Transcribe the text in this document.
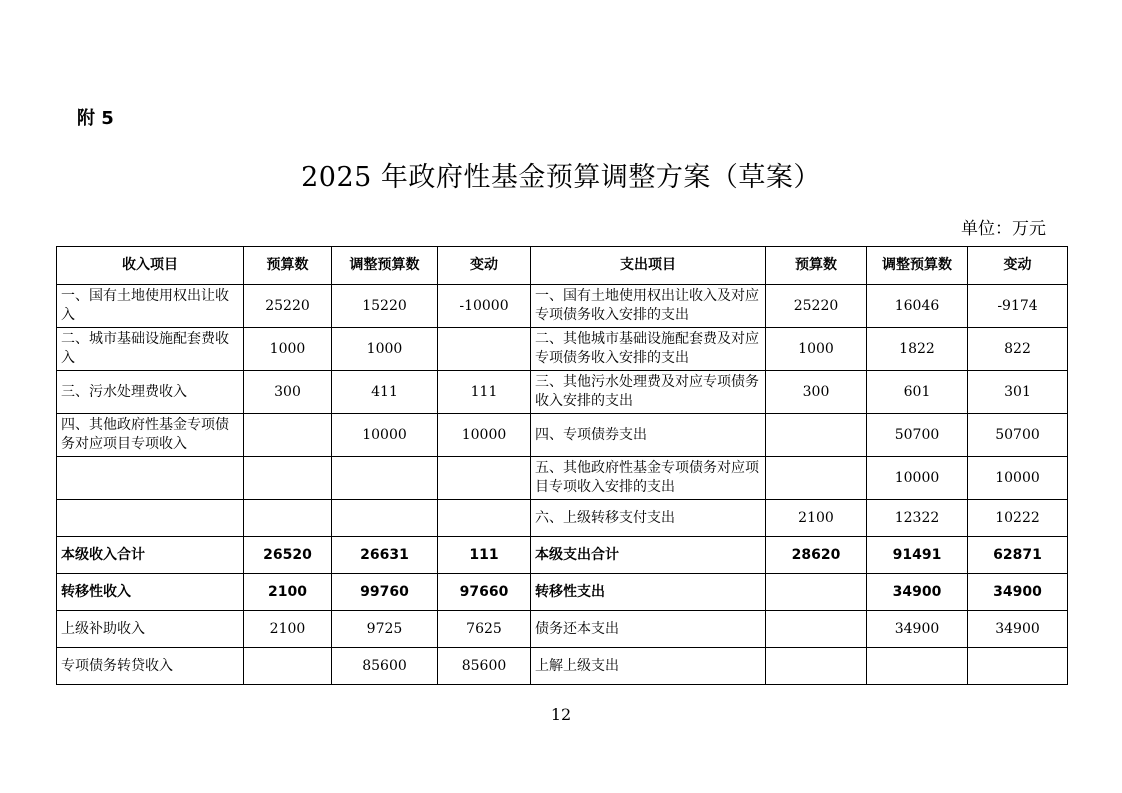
附 5
2025 年政府性基金预算调整方案（草案）
单位：万元
收入项目	预算数	调整预算数	变动	支出项目	预算数	调整预算数	变动
一、国有土地使用权出让收入	25220	15220	-10000	一、国有土地使用权出让收入及对应专项债务收入安排的支出	25220	16046	-9174
二、城市基础设施配套费收入	1000	1000		二、其他城市基础设施配套费及对应专项债务收入安排的支出	1000	1822	822
三、污水处理费收入	300	411	111	三、其他污水处理费及对应专项债务收入安排的支出	300	601	301
四、其他政府性基金专项债务对应项目专项收入		10000	10000	四、专项债券支出		50700	50700
				五、其他政府性基金专项债务对应项目专项收入安排的支出		10000	10000
				六、上级转移支付支出	2100	12322	10222
本级收入合计	26520	26631	111	本级支出合计	28620	91491	62871
转移性收入	2100	99760	97660	转移性支出		34900	34900
上级补助收入	2100	9725	7625	债务还本支出		34900	34900
专项债务转贷收入		85600	85600	上解上级支出			
12
